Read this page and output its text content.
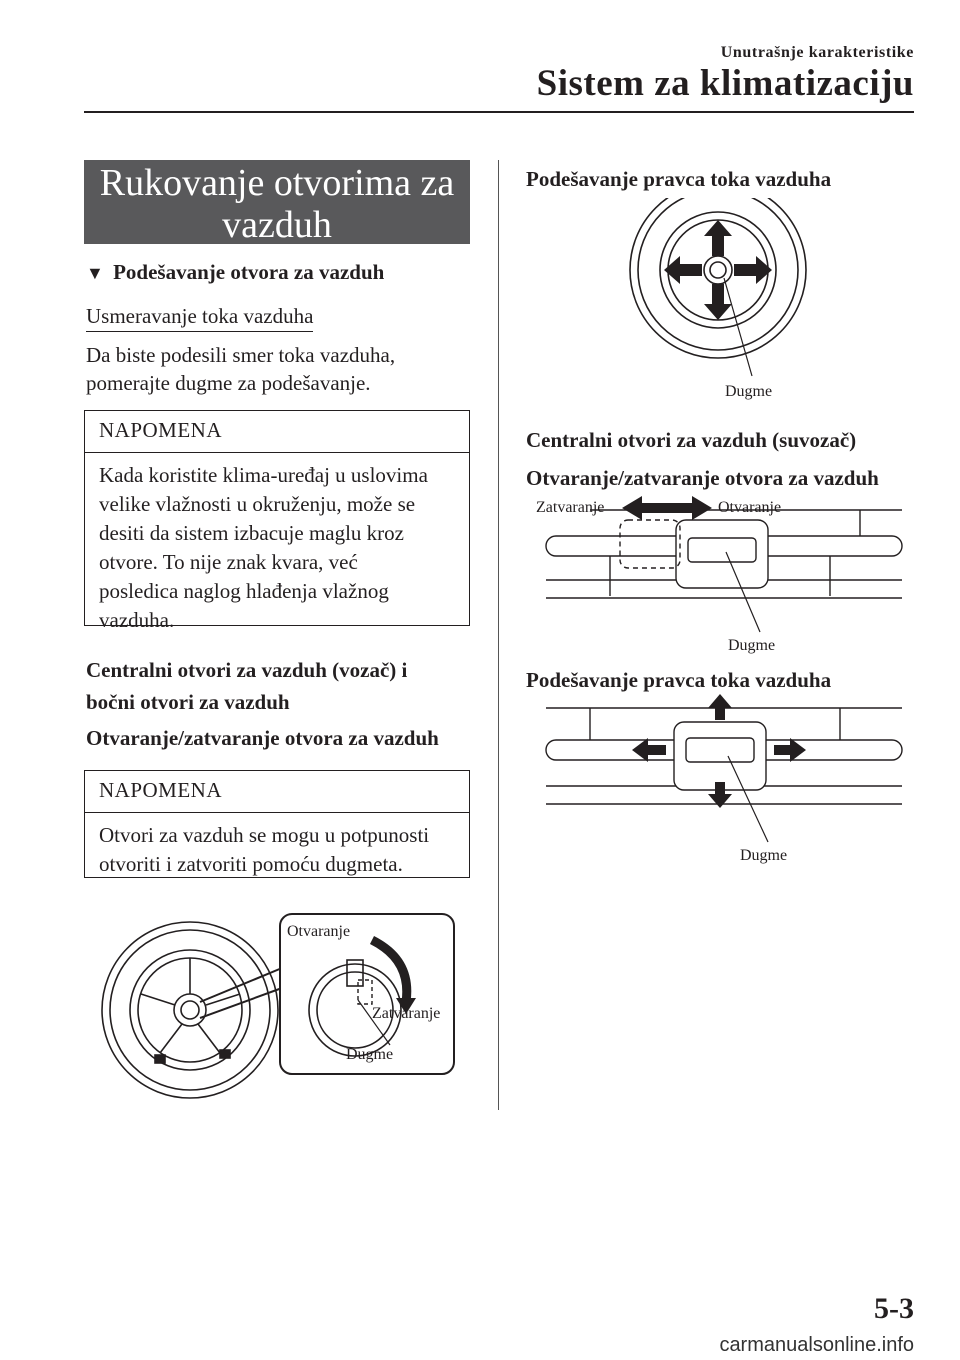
Unutrašnje karakteristike
Sistem za klimatizaciju
Rukovanje otvorima za
vazduh
▼ Podešavanje otvora za vazduh
Usmeravanje toka vazduha
Da biste podesili smer toka vazduha,
pomerajte dugme za podešavanje.
NAPOMENA
Kada koristite klima-uređaj u uslovima
velike vlažnosti u okruženju, može se
desiti da sistem izbacuje maglu kroz
otvore. To nije znak kvara, već
posledica naglog hlađenja vlažnog
vazduha.
Centralni otvori za vazduh (vozač) i
bočni otvori za vazduh
Otvaranje/zatvaranje otvora za vazduh
NAPOMENA
Otvori za vazduh se mogu u potpunosti
otvoriti i zatvoriti pomoću dugmeta.
Otvaranje
Zatvaranje
Dugme
Podešavanje pravca toka vazduha
Dugme
Centralni otvori za vazduh (suvozač)
Otvaranje/zatvaranje otvora za vazduh
Zatvaranje	Otvaranje
Dugme
Podešavanje pravca toka vazduha
Dugme
5-3
carmanualsonline.info
